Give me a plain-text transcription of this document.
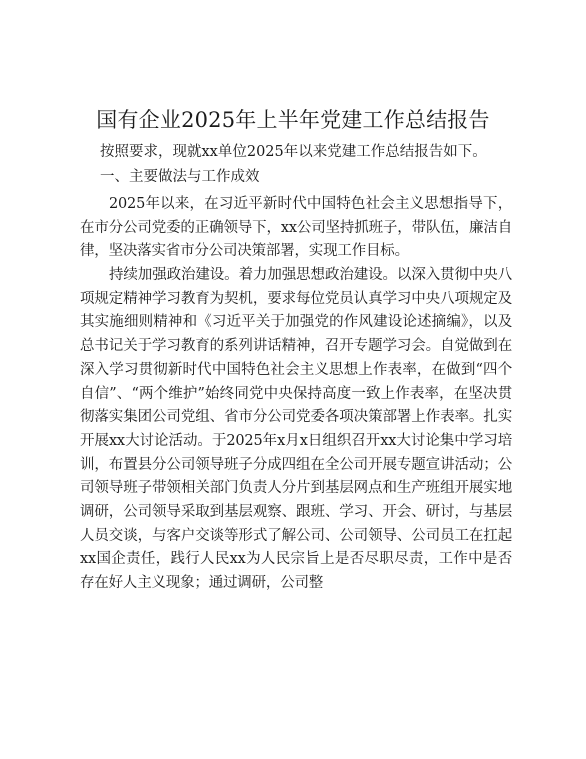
国有企业2025年上半年党建工作总结报告
按照要求，现就xx单位2025年以来党建工作总结报告如下。
一、主要做法与工作成效

2025年以来，在习近平新时代中国特色社会主义思想指导下，在市分公司党委的正确领导下，xx公司坚持抓班子，带队伍，廉洁自律，坚决落实省市分公司决策部署，实现工作目标。

持续加强政治建设。着力加强思想政治建设。以深入贯彻中央八项规定精神学习教育为契机，要求每位党员认真学习中央八项规定及其实施细则精神和《习近平关于加强党的作风建设论述摘编》，以及总书记关于学习教育的系列讲话精神，召开专题学习会。自觉做到在深入学习贯彻新时代中国特色社会主义思想上作表率，在做到“四个自信”、“两个维护”始终同党中央保持高度一致上作表率，在坚决贯彻落实集团公司党组、省市分公司党委各项决策部署上作表率。扎实开展xx大讨论活动。于2025年x月x日组织召开xx大讨论集中学习培训，布置县分公司领导班子分成四组在全公司开展专题宣讲活动；公司领导班子带领相关部门负责人分片到基层网点和生产班组开展实地调研，公司领导采取到基层观察、跟班、学习、开会、研讨，与基层人员交谈，与客户交谈等形式了解公司、公司领导、公司员工在扛起xx国企责任，践行人民xx为人民宗旨上是否尽职尽责，工作中是否存在好人主义现象；通过调研，公司整
